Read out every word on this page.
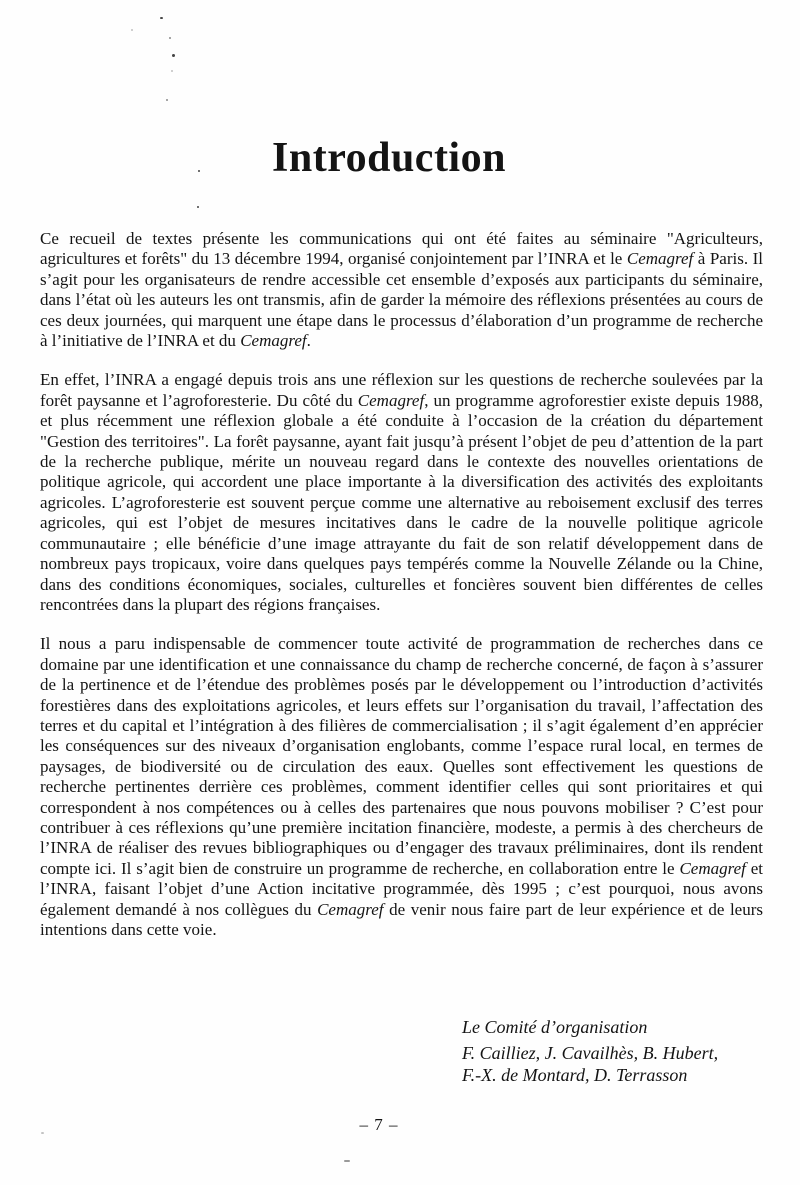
Introduction

Ce recueil de textes présente les communications qui ont été faites au séminaire "Agriculteurs, agricultures et forêts" du 13 décembre 1994, organisé conjointement par l’INRA et le Cemagref à Paris. Il s’agit pour les organisateurs de rendre accessible cet ensemble d’exposés aux participants du séminaire, dans l’état où les auteurs les ont transmis, afin de garder la mémoire des réflexions présentées au cours de ces deux journées, qui marquent une étape dans le processus d’élaboration d’un programme de recherche à l’initiative de l’INRA et du Cemagref.

En effet, l’INRA a engagé depuis trois ans une réflexion sur les questions de recherche soulevées par la forêt paysanne et l’agroforesterie. Du côté du Cemagref, un programme agroforestier existe depuis 1988, et plus récemment une réflexion globale a été conduite à l’occasion de la création du département "Gestion des territoires". La forêt paysanne, ayant fait jusqu’à présent l’objet de peu d’attention de la part de la recherche publique, mérite un nouveau regard dans le contexte des nouvelles orientations de politique agricole, qui accordent une place importante à la diversification des activités des exploitants agricoles. L’agroforesterie est souvent perçue comme une alternative au reboisement exclusif des terres agricoles, qui est l’objet de mesures incitatives dans le cadre de la nouvelle politique agricole communautaire ; elle bénéficie d’une image attrayante du fait de son relatif développement dans de nombreux pays tropicaux, voire dans quelques pays tempérés comme la Nouvelle Zélande ou la Chine, dans des conditions économiques, sociales, culturelles et foncières souvent bien différentes de celles rencontrées dans la plupart des régions françaises.

Il nous a paru indispensable de commencer toute activité de programmation de recherches dans ce domaine par une identification et une connaissance du champ de recherche concerné, de façon à s’assurer de la pertinence et de l’étendue des problèmes posés par le développement ou l’introduction d’activités forestières dans des exploitations agricoles, et leurs effets sur l’organisation du travail, l’affectation des terres et du capital et l’intégration à des filières de commercialisation ; il s’agit également d’en apprécier les conséquences sur des niveaux d’organisation englobants, comme l’espace rural local, en termes de paysages, de biodiversité ou de circulation des eaux. Quelles sont effectivement les questions de recherche pertinentes derrière ces problèmes, comment identifier celles qui sont prioritaires et qui correspondent à nos compétences ou à celles des partenaires que nous pouvons mobiliser ? C’est pour contribuer à ces réflexions qu’une première incitation financière, modeste, a permis à des chercheurs de l’INRA de réaliser des revues bibliographiques ou d’engager des travaux préliminaires, dont ils rendent compte ici. Il s’agit bien de construire un programme de recherche, en collaboration entre le Cemagref et l’INRA, faisant l’objet d’une Action incitative programmée, dès 1995 ; c’est pourquoi, nous avons également demandé à nos collègues du Cemagref de venir nous faire part de leur expérience et de leurs intentions dans cette voie.

Le Comité d’organisation
F. Cailliez, J. Cavailhès, B. Hubert,
F.-X. de Montard, D. Terrasson
– 7 –
